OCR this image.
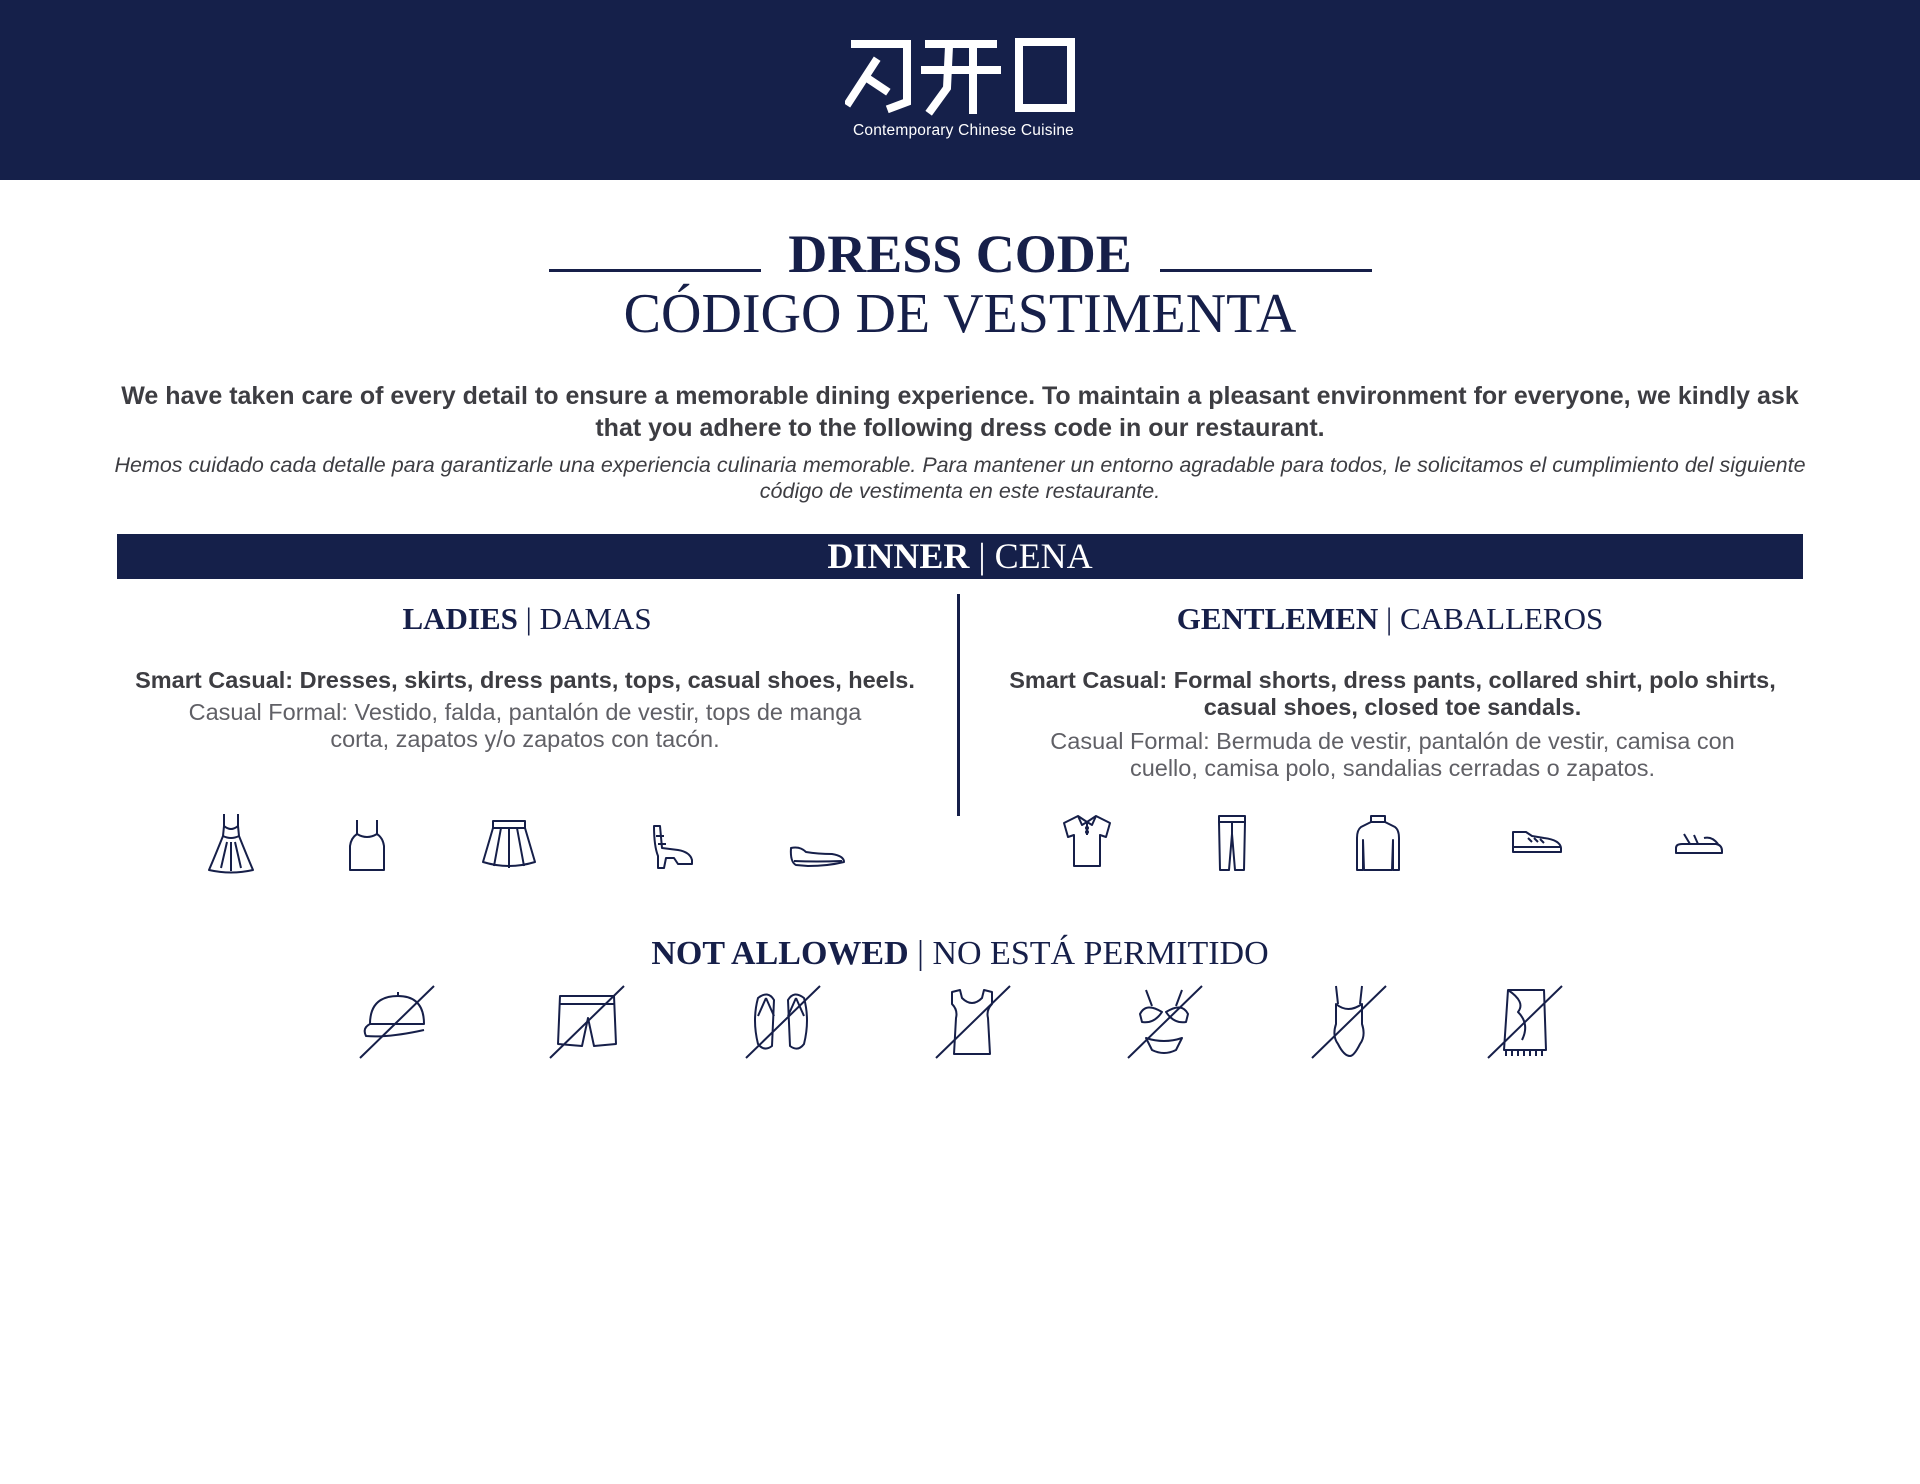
Contemporary Chinese Cuisine
DRESS CODE
CÓDIGO DE VESTIMENTA
We have taken care of every detail to ensure a memorable dining experience. To maintain a pleasant environment for everyone, we kindly ask that you adhere to the following dress code in our restaurant.
Hemos cuidado cada detalle para garantizarle una experiencia culinaria memorable. Para mantener un entorno agradable para todos, le solicitamos el cumplimiento del siguiente código de vestimenta en este restaurante.
DINNER | CENA
LADIES | DAMAS
Smart Casual: Dresses, skirts, dress pants, tops, casual shoes, heels.
Casual Formal: Vestido, falda, pantalón de vestir, tops de manga corta, zapatos y/o zapatos con tacón.
GENTLEMEN | CABALLEROS
Smart Casual: Formal shorts, dress pants, collared shirt, polo shirts, casual shoes, closed toe sandals.
Casual Formal: Bermuda de vestir, pantalón de vestir, camisa con cuello, camisa polo, sandalias cerradas o zapatos.
NOT ALLOWED | NO ESTÁ PERMITIDO
